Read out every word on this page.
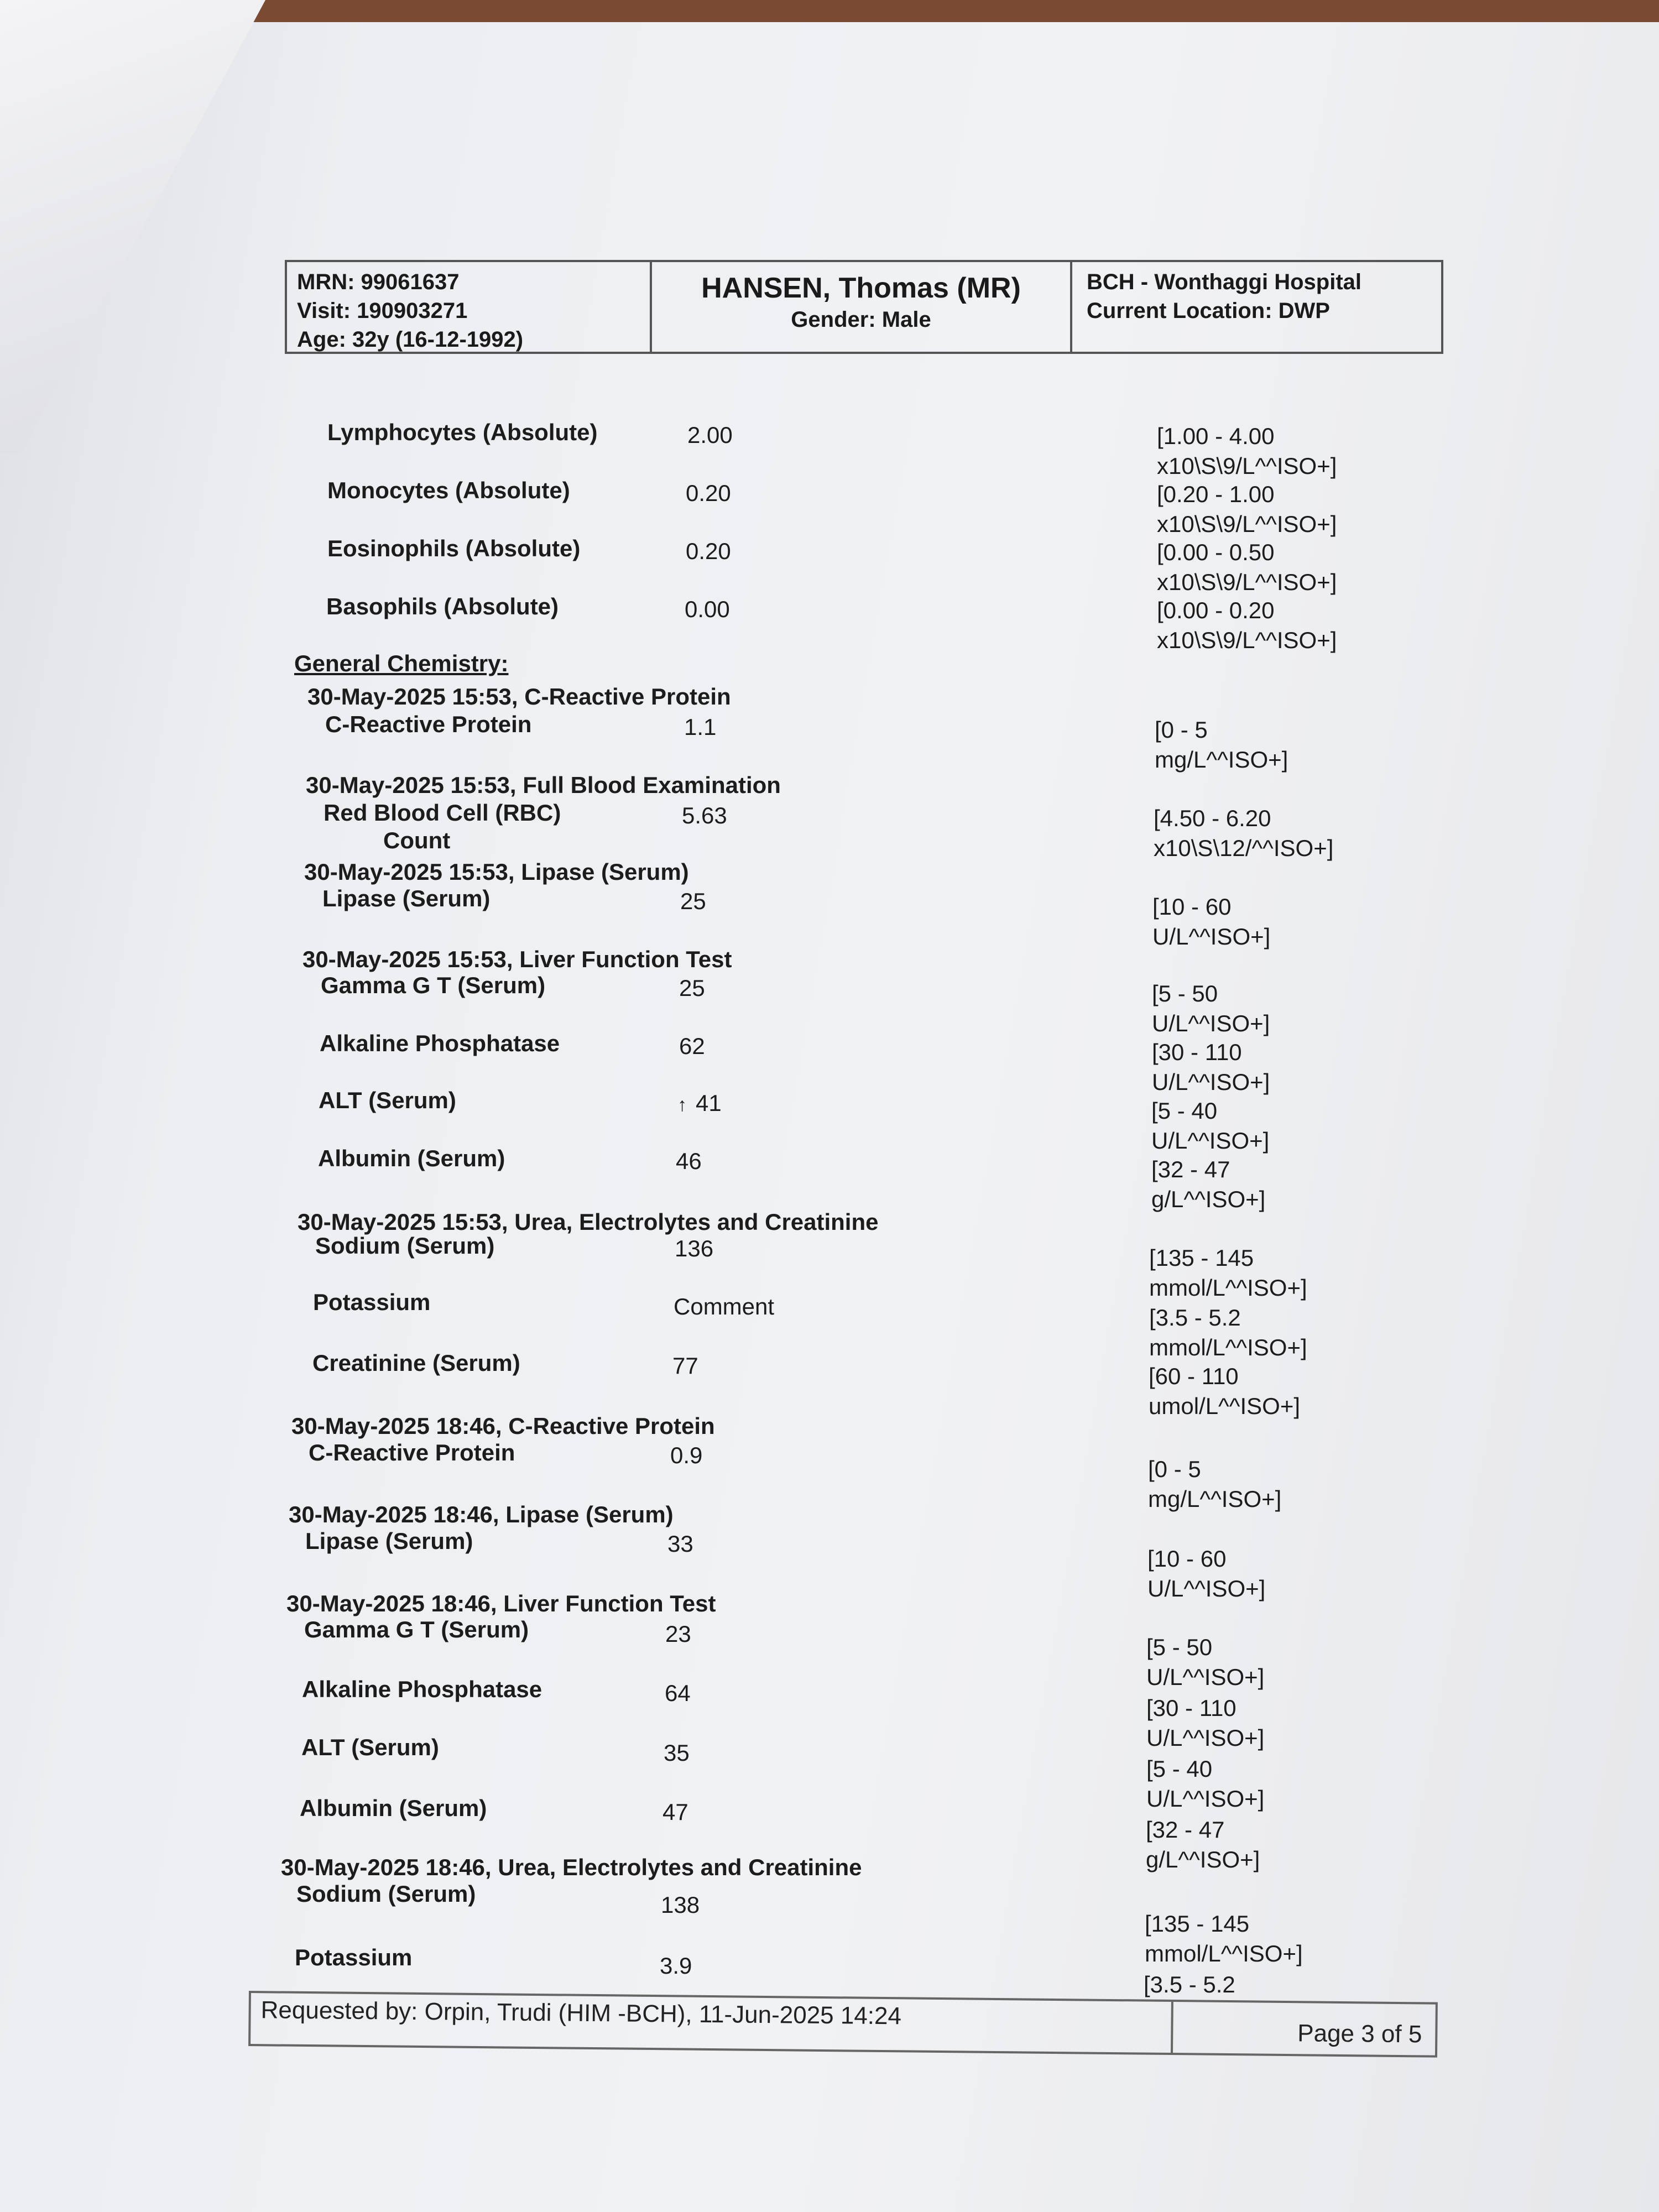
MRN: 99061637
Visit: 190903271
Age: 32y (16-12-1992)
HANSEN, Thomas (MR)
Gender: Male
BCH - Wonthaggi Hospital
Current Location: DWP
General Chemistry:
30-May-2025 15:53, C-Reactive Protein
30-May-2025 15:53, Full Blood Examination
30-May-2025 15:53, Lipase (Serum)
30-May-2025 15:53, Liver Function Test
30-May-2025 15:53, Urea, Electrolytes and Creatinine
30-May-2025 18:46, C-Reactive Protein
30-May-2025 18:46, Lipase (Serum)
30-May-2025 18:46, Liver Function Test
30-May-2025 18:46, Urea, Electrolytes and Creatinine
Lymphocytes (Absolute)	2.00	[1.00 - 4.00
x10\S\9/L^^ISO+]
Monocytes (Absolute)	0.20	[0.20 - 1.00
x10\S\9/L^^ISO+]
Eosinophils (Absolute)	0.20	[0.00 - 0.50
x10\S\9/L^^ISO+]
Basophils (Absolute)	0.00	[0.00 - 0.20
x10\S\9/L^^ISO+]
C-Reactive Protein	1.1	[0 - 5
mg/L^^ISO+]
Red Blood Cell (RBC)
Count
5.63	[4.50 - 6.20
x10\S\12/^^ISO+]
Lipase (Serum)	25	[10 - 60
U/L^^ISO+]
Gamma G T (Serum)	25	[5 - 50
U/L^^ISO+]
Alkaline Phosphatase	62	[30 - 110
U/L^^ISO+]
ALT (Serum)	↑ 41	[5 - 40
U/L^^ISO+]
Albumin (Serum)	46	[32 - 47
g/L^^ISO+]
Sodium (Serum)	136	[135 - 145
mmol/L^^ISO+]
Potassium	Comment	[3.5 - 5.2
mmol/L^^ISO+]
Creatinine (Serum)	77	[60 - 110
umol/L^^ISO+]
C-Reactive Protein	0.9
[0 - 5
mg/L^^ISO+]
Lipase (Serum)	33
[10 - 60
U/L^^ISO+]
Gamma G T (Serum)	23
[5 - 50
U/L^^ISO+]
Alkaline Phosphatase	64
[30 - 110
U/L^^ISO+]
ALT (Serum)	35
[5 - 40
U/L^^ISO+]
Albumin (Serum)	47
[32 - 47
g/L^^ISO+]
Sodium (Serum)	138
[135 - 145
mmol/L^^ISO+]
Potassium	3.9
[3.5 - 5.2
Requested by: Orpin, Trudi (HIM -BCH), 11-Jun-2025 14:24
Page 3 of 5
